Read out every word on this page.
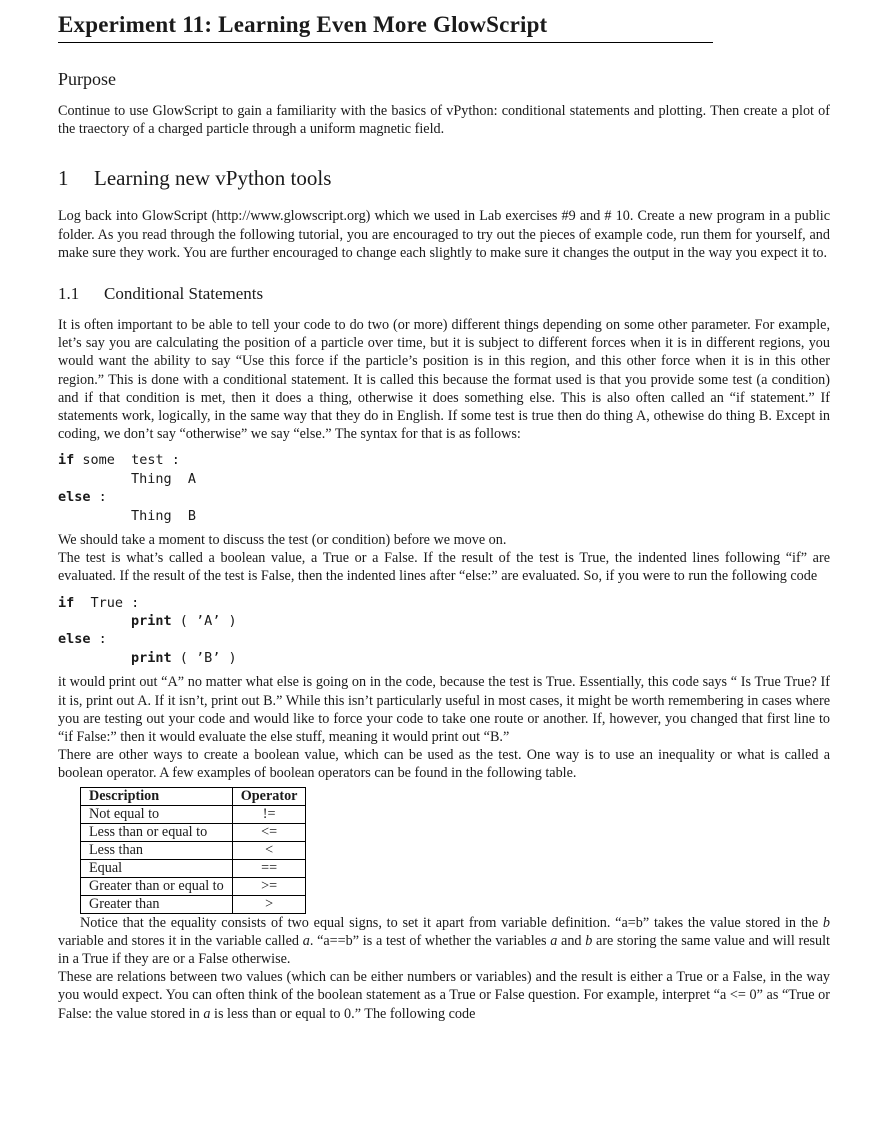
Experiment 11: Learning Even More GlowScript
Purpose

Continue to use GlowScript to gain a familiarity with the basics of vPython: conditional statements and plotting. Then create a plot of the traectory of a charged particle through a uniform magnetic field.

1 Learning new vPython tools

Log back into GlowScript (http://www.glowscript.org) which we used in Lab exercises #9 and # 10. Create a new program in a public folder. As you read through the following tutorial, you are encouraged to try out the pieces of example code, run them for yourself, and make sure they work. You are further encouraged to change each slightly to make sure it changes the output in the way you expect it to.

1.1 Conditional Statements

It is often important to be able to tell your code to do two (or more) different things depending on some other parameter. For example, let’s say you are calculating the position of a particle over time, but it is subject to different forces when it is in different regions, you would want the ability to say “Use this force if the particle’s position is in this region, and this other force when it is in this other region.” This is done with a conditional statement. It is called this because the format used is that you provide some test (a condition) and if that condition is met, then it does a thing, otherwise it does something else. This is also often called an “if statement.” If statements work, logically, in the same way that they do in English. If some test is true then do thing A, othewise do thing B. Except in coding, we don’t say “otherwise” we say “else.” The syntax for that is as follows:

if some  test :
Thing  A
else :
Thing  B

We should take a moment to discuss the test (or condition) before we move on.

The test is what’s called a boolean value, a True or a False. If the result of the test is True, the indented lines following “if” are evaluated. If the result of the test is False, then the indented lines after “else:” are evaluated. So, if you were to run the following code

if  True :
print ( ’A’ )
else :
print ( ’B’ )

it would print out “A” no matter what else is going on in the code, because the test is True. Essentially, this code says “ Is True True? If it is, print out A. If it isn’t, print out B.” While this isn’t particularly useful in most cases, it might be worth remembering in cases where you are testing out your code and would like to force your code to take one route or another. If, however, you changed that first line to “if False:” then it would evaluate the else stuff, meaning it would print out “B.”

There are other ways to create a boolean value, which can be used as the test. One way is to use an inequality or what is called a boolean operator. A few examples of boolean operators can be found in the following table.

Description	Operator
Not equal to	!=
Less than or equal to	<=
Less than	<
Equal	==
Greater than or equal to	>=
Greater than	>

Notice that the equality consists of two equal signs, to set it apart from variable definition. “a=b” takes the value stored in the b variable and stores it in the variable called a. “a==b” is a test of whether the variables a and b are storing the same value and will result in a True if they are or a False otherwise.

These are relations between two values (which can be either numbers or variables) and the result is either a True or a False, in the way you would expect. You can often think of the boolean statement as a True or False question. For example, interpret “a <= 0” as “True or False: the value stored in a is less than or equal to 0.” The following code
